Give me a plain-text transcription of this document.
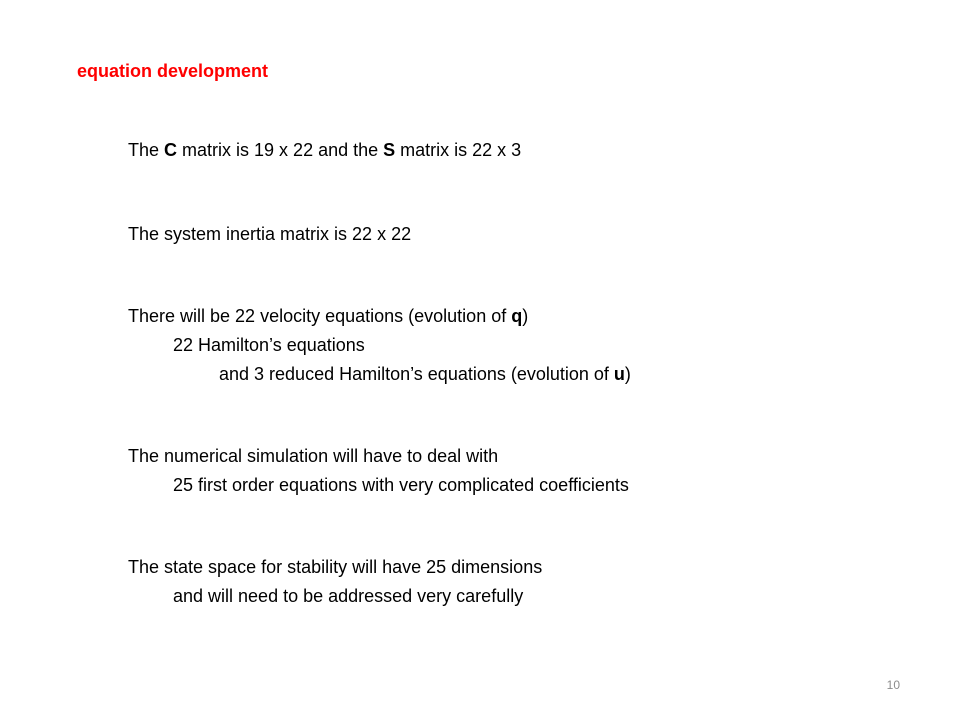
equation development
The C matrix is 19 x 22 and the S matrix is 22 x 3
The system inertia matrix is 22 x 22
There will be 22 velocity equations (evolution of q)
22 Hamilton’s equations
and 3 reduced Hamilton’s equations (evolution of u)
The numerical simulation will have to deal with
25 first order equations with very complicated coefficients
The state space for stability will have 25 dimensions
and will need to be addressed very carefully
10
